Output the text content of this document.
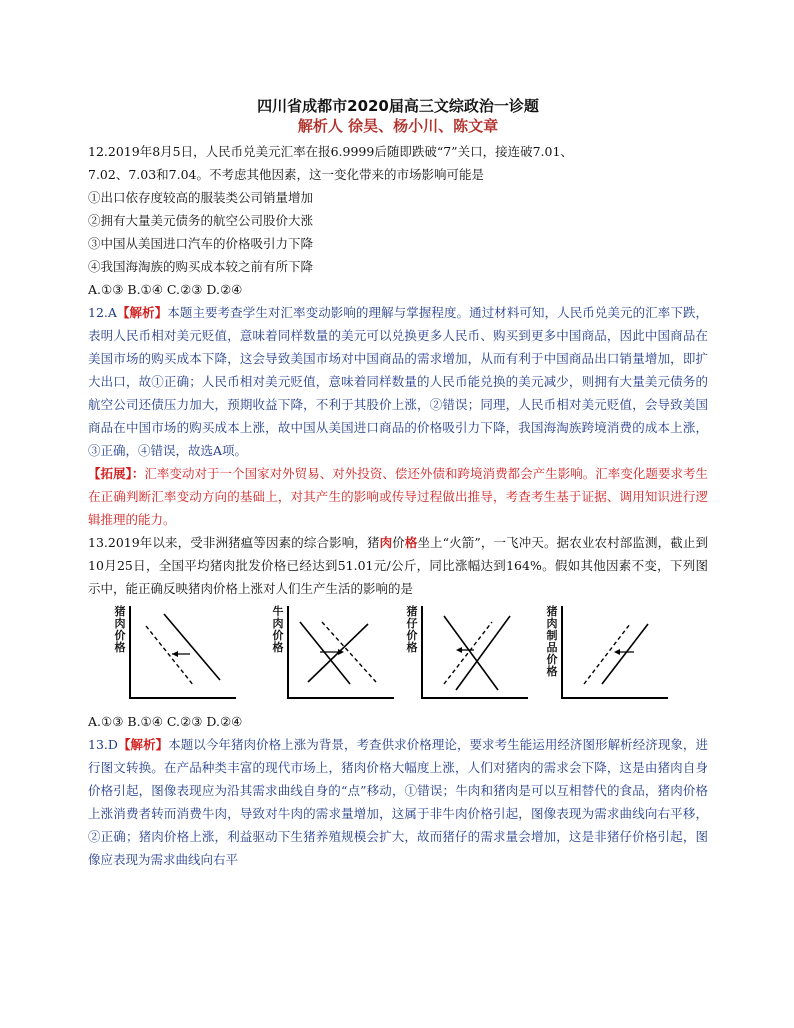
四川省成都市2020届高三文综政治一诊题
解析人 徐昊、杨小川、陈文章

12.2019年8月5日，人民币兑美元汇率在报6.9999后随即跌破“7”关口，接连破7.01、

7.02、7.03和7.04。不考虑其他因素，这一变化带来的市场影响可能是

①出口依存度较高的服装类公司销量增加

②拥有大量美元债务的航空公司股价大涨

③中国从美国进口汽车的价格吸引力下降

④我国海淘族的购买成本较之前有所下降

A.①③ B.①④ C.②③ D.②④

12.A【解析】本题主要考查学生对汇率变动影响的理解与掌握程度。通过材料可知，人民币兑美元的汇率下跌，表明人民币相对美元贬值，意味着同样数量的美元可以兑换更多人民币、购买到更多中国商品，因此中国商品在美国市场的购买成本下降，这会导致美国市场对中国商品的需求增加，从而有利于中国商品出口销量增加，即扩大出口，故①正确；人民币相对美元贬值，意味着同样数量的人民币能兑换的美元减少，则拥有大量美元债务的航空公司还债压力加大，预期收益下降，不利于其股价上涨，②错误；同理，人民币相对美元贬值，会导致美国商品在中国市场的购买成本上涨，故中国从美国进口商品的价格吸引力下降，我国海淘族跨境消费的成本上涨，③正确，④错误，故选A项。

【拓展】：汇率变动对于一个国家对外贸易、对外投资、偿还外债和跨境消费都会产生影响。汇率变化题要求考生在正确判断汇率变动方向的基础上，对其产生的影响或传导过程做出推导，考查考生基于证据、调用知识进行逻辑推理的能力。

13.2019年以来，受非洲猪瘟等因素的综合影响，猪肉价格坐上“火箭”，一飞冲天。据农业农村部监测，截止到10月25日，全国平均猪肉批发价格已经达到51.01元/公斤，同比涨幅达到164%。假如其他因素不变，下列图示中，能正确反映猪肉价格上涨对人们生产生活的影响的是

猪肉价格
牛肉价格
猪仔价格
猪肉制品价格

A.①③ B.①④ C.②③ D.②④

13.D【解析】本题以今年猪肉价格上涨为背景，考查供求价格理论，要求考生能运用经济图形解析经济现象，进行图文转换。在产品种类丰富的现代市场上，猪肉价格大幅度上涨，人们对猪肉的需求会下降，这是由猪肉自身价格引起，图像表现应为沿其需求曲线自身的“点”移动，①错误；牛肉和猪肉是可以互相替代的食品，猪肉价格上涨消费者转而消费牛肉，导致对牛肉的需求量增加，这属于非牛肉价格引起，图像表现为需求曲线向右平移，②正确；猪肉价格上涨，利益驱动下生猪养殖规模会扩大，故而猪仔的需求量会增加，这是非猪仔价格引起，图像应表现为需求曲线向右平
